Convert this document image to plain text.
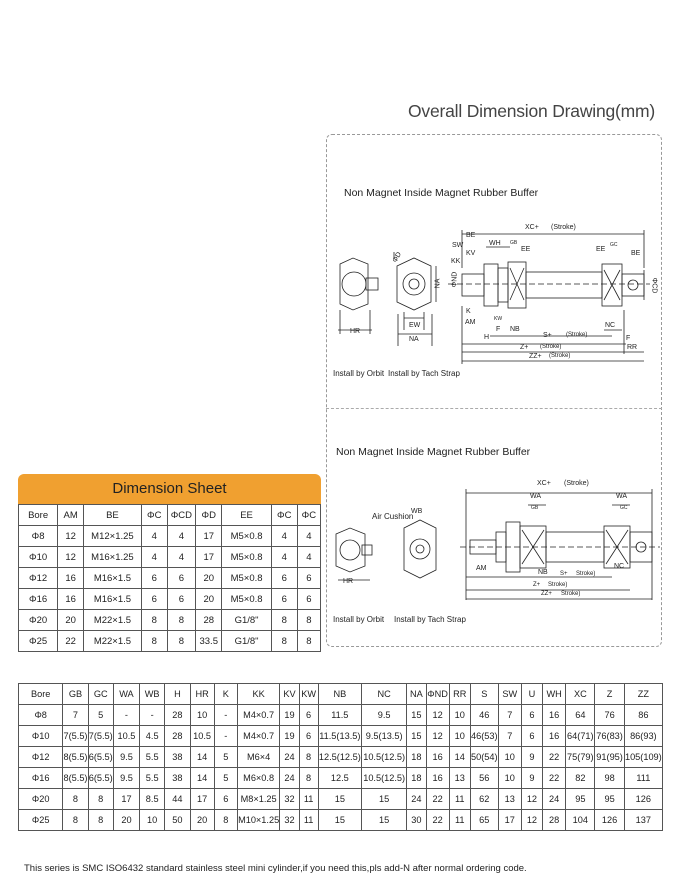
Overall Dimension Drawing(mm)
Non Magnet Inside Magnet Rubber Buffer
XC+ (Stroke)
BE
SW
KV
KK
K
AM
WH GB
EE	EE
GC
BE
ΦND
ΦD
ΦCD
NA
EW
NA
HR
H
NB
F
KW
S+ (Stroke)
Z+ (Stroke)
ZZ+ (Stroke)
NC
RR
F
Install by Orbit Install by Tach Strap
Non Magnet Inside Magnet Rubber Buffer
XC+ (Stroke)
WA	WA
GB	GC
Air Cushion
WB
AM
NB S+ Stroke)
NC
Z+ Stroke)
ZZ+ Stroke)
HR
Install by Orbit Install by Tach Strap
Dimension Sheet
Bore	AM	BE	ΦC	ΦCD	ΦD	EE	ΦC	ΦC
Φ8	12	M12×1.25	4	4	17	M5×0.8	4	4
Φ10	12	M16×1.25	4	4	17	M5×0.8	4	4
Φ12	16	M16×1.5	6	6	20	M5×0.8	6	6
Φ16	16	M16×1.5	6	6	20	M5×0.8	6	6
Φ20	20	M22×1.5	8	8	28	G1/8"	8	8
Φ25	22	M22×1.5	8	8	33.5	G1/8"	8	8
Bore	GB	GC	WA	WB	H	HR	K	KK	KV	KW	NB	NC	NA	ΦND	RR	S	SW	U	WH	XC	Z	ZZ
Φ8	7	5	-	-	28	10	-	M4×0.7	19	6	11.5	9.5	15	12	10	46	7	6	16	64	76	86
Φ10	7(5.5)	7(5.5)	10.5	4.5	28	10.5	-	M4×0.7	19	6	11.5(13.5)	9.5(13.5)	15	12	10	46(53)	7	6	16	64(71)	76(83)	86(93)
Φ12	8(5.5)	6(5.5)	9.5	5.5	38	14	5	M6×4	24	8	12.5(12.5)	10.5(12.5)	18	16	14	50(54)	10	9	22	75(79)	91(95)	105(109)
Φ16	8(5.5)	6(5.5)	9.5	5.5	38	14	5	M6×0.8	24	8	12.5	10.5(12.5)	18	16	13	56	10	9	22	82	98	111
Φ20	8	8	17	8.5	44	17	6	M8×1.25	32	11	15	15	24	22	11	62	13	12	24	95	95	126
Φ25	8	8	20	10	50	20	8	M10×1.25	32	11	15	15	30	22	11	65	17	12	28	104	126	137
This series is SMC ISO6432 standard stainless steel mini cylinder,if you need this,pls add-N after normal ordering code.
